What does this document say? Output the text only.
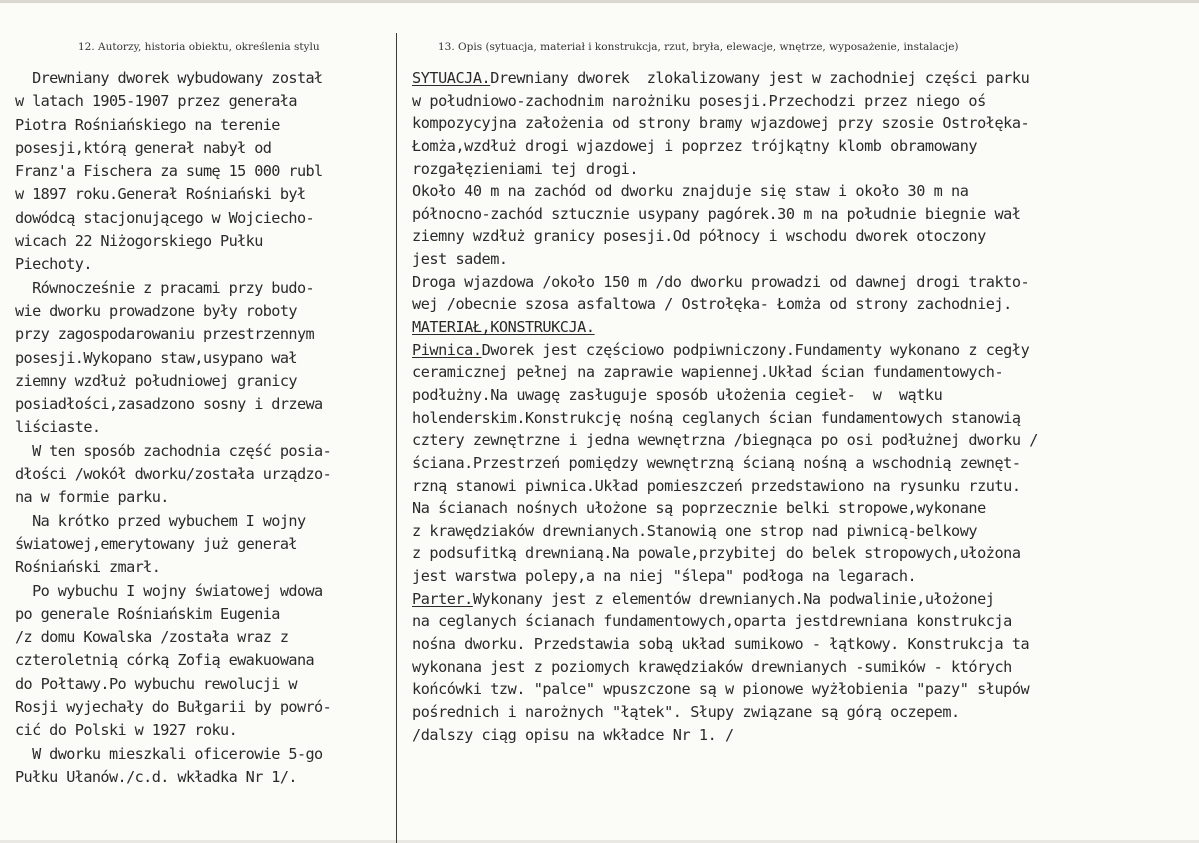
12. Autorzy, historia obiektu, określenia stylu	13. Opis (sytuacja, materiał i konstrukcja, rzut, bryła, elewacje, wnętrze, wyposażenie, instalacje)
Drewniany dworek wybudowany został
w latach 1905-1907 przez generała
Piotra Rośniańskiego na terenie
posesji,którą generał nabył od
Franz'a Fischera za sumę 15 000 rubl
w 1897 roku.Generał Rośniański był
dowódcą stacjonującego w Wojciecho-
wicach 22 Niżogorskiego Pułku
Piechoty.
Równocześnie z pracami przy budo-
wie dworku prowadzone były roboty
przy zagospodarowaniu przestrzennym
posesji.Wykopano staw,usypano wał
ziemny wzdłuż południowej granicy
posiadłości,zasadzono sosny i drzewa
liściaste.
W ten sposób zachodnia część posia-
dłości /wokół dworku/została urządzo-
na w formie parku.
Na krótko przed wybuchem I wojny
światowej,emerytowany już generał
Rośniański zmarł.
Po wybuchu I wojny światowej wdowa
po generale Rośniańskim Eugenia
/z domu Kowalska /została wraz z
czteroletnią córką Zofią ewakuowana
do Połtawy.Po wybuchu rewolucji w
Rosji wyjechały do Bułgarii by powró-
cić do Polski w 1927 roku.
W dworku mieszkali oficerowie 5-go
Pułku Ułanów./c.d. wkładka Nr 1/.
SYTUACJA.Drewniany dworek  zlokalizowany jest w zachodniej części parku
w południowo-zachodnim narożniku posesji.Przechodzi przez niego oś
kompozycyjna założenia od strony bramy wjazdowej przy szosie Ostrołęka-
Łomża,wzdłuż drogi wjazdowej i poprzez trójkątny klomb obramowany
rozgałęzieniami tej drogi.
Około 40 m na zachód od dworku znajduje się staw i około 30 m na
północno-zachód sztucznie usypany pagórek.30 m na południe biegnie wał
ziemny wzdłuż granicy posesji.Od północy i wschodu dworek otoczony
jest sadem.
Droga wjazdowa /około 150 m /do dworku prowadzi od dawnej drogi trakto-
wej /obecnie szosa asfaltowa / Ostrołęka- Łomża od strony zachodniej.
MATERIAŁ,KONSTRUKCJA.
Piwnica.Dworek jest częściowo podpiwniczony.Fundamenty wykonano z cegły
ceramicznej pełnej na zaprawie wapiennej.Układ ścian fundamentowych-
podłużny.Na uwagę zasługuje sposób ułożenia cegieł-  w  wątku
holenderskim.Konstrukcję nośną ceglanych ścian fundamentowych stanowią
cztery zewnętrzne i jedna wewnętrzna /biegnąca po osi podłużnej dworku /
ściana.Przestrzeń pomiędzy wewnętrzną ścianą nośną a wschodnią zewnęt-
rzną stanowi piwnica.Układ pomieszczeń przedstawiono na rysunku rzutu.
Na ścianach nośnych ułożone są poprzecznie belki stropowe,wykonane
z krawędziaków drewnianych.Stanowią one strop nad piwnicą-belkowy
z podsufitką drewnianą.Na powale,przybitej do belek stropowych,ułożona
jest warstwa polepy,a na niej "ślepa" podłoga na legarach.
Parter.Wykonany jest z elementów drewnianych.Na podwalinie,ułożonej
na ceglanych ścianach fundamentowych,oparta jestdrewniana konstrukcja
nośna dworku. Przedstawia sobą układ sumikowo - łątkowy. Konstrukcja ta
wykonana jest z poziomych krawędziaków drewnianych -sumików - których
końcówki tzw. "palce" wpuszczone są w pionowe wyżłobienia "pazy" słupów
pośrednich i narożnych "łątek". Słupy związane są górą oczepem.
/dalszy ciąg opisu na wkładce Nr 1. /
